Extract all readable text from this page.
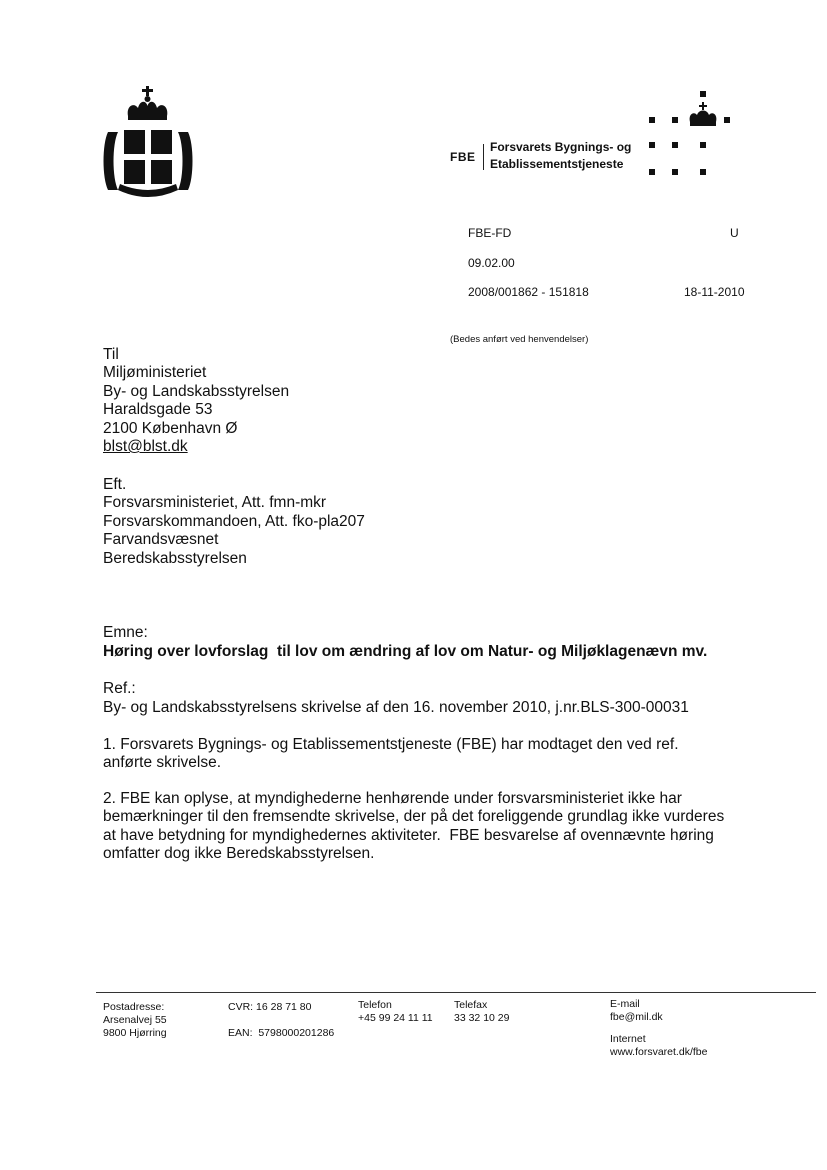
FBE
Forsvarets Bygnings- og
Etablissementstjeneste
FBE-FD	U
09.02.00
2008/001862 - 151818	18-11-2010
(Bedes anført ved henvendelser)
Til
Miljøministeriet
By- og Landskabsstyrelsen
Haraldsgade 53
2100 København Ø
blst@blst.dk
Eft.
Forsvarsministeriet, Att. fmn-mkr
Forsvarskommandoen, Att. fko-pla207
Farvandsvæsnet
Beredskabsstyrelsen
Emne:
Høring over lovforslag  til lov om ændring af lov om Natur- og Miljøklagenævn mv.
Ref.:
By- og Landskabsstyrelsens skrivelse af den 16. november 2010, j.nr.BLS-300-00031
1. Forsvarets Bygnings- og Etablissementstjeneste (FBE) har modtaget den ved ref.
anførte skrivelse.
2. FBE kan oplyse, at myndighederne henhørende under forsvarsministeriet ikke har
bemærkninger til den fremsendte skrivelse, der på det foreliggende grundlag ikke vurderes
at have betydning for myndighedernes aktiviteter.  FBE besvarelse af ovennævnte høring
omfatter dog ikke Beredskabsstyrelsen.
Postadresse:
Arsenalvej 55
9800 Hjørring
CVR: 16 28 71 80
EAN:  5798000201286
Telefon
+45 99 24 11 11
Telefax
33 32 10 29
E-mail
fbe@mil.dk
Internet
www.forsvaret.dk/fbe
